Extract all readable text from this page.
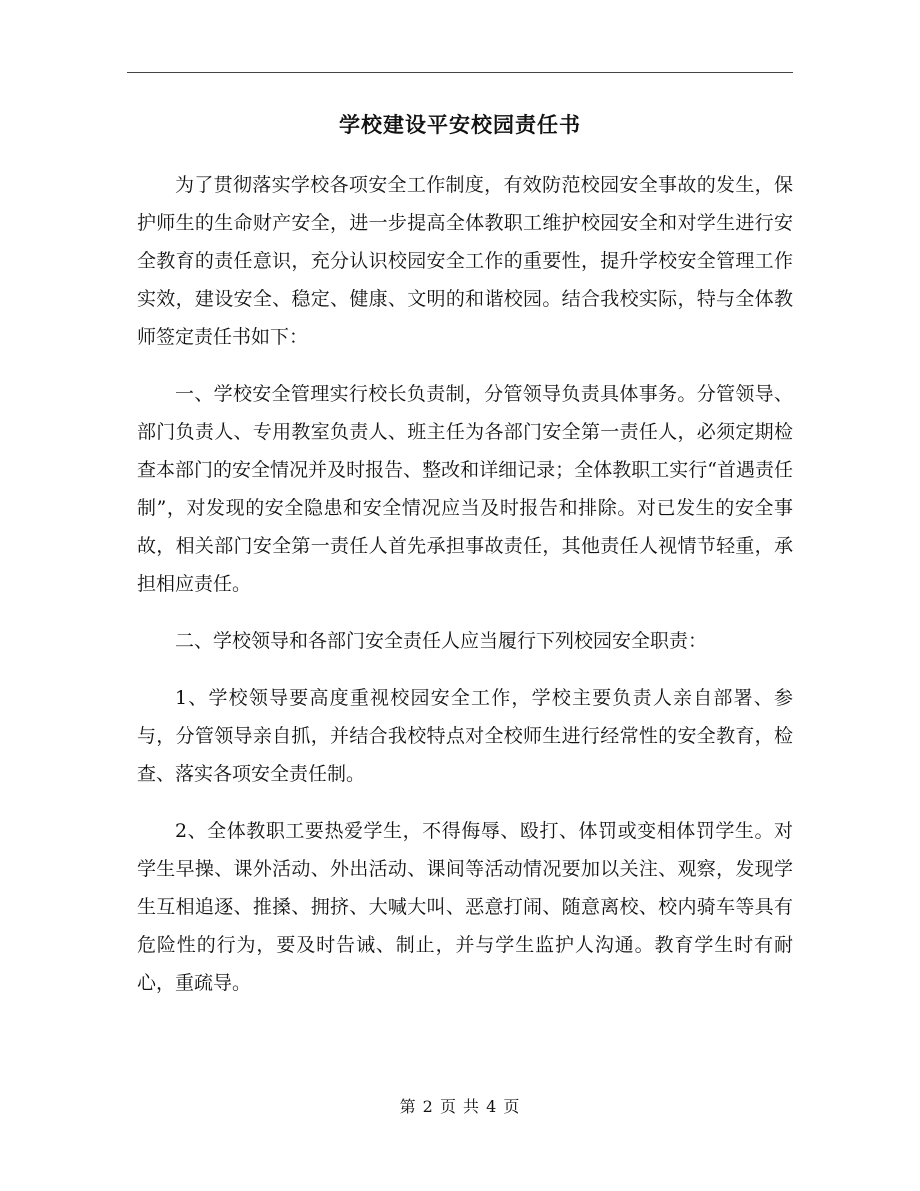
学校建设平安校园责任书

为了贯彻落实学校各项安全工作制度，有效防范校园安全事故的发生，保护师生的生命财产安全，进一步提高全体教职工维护校园安全和对学生进行安全教育的责任意识，充分认识校园安全工作的重要性，提升学校安全管理工作实效，建设安全、稳定、健康、文明的和谐校园。结合我校实际，特与全体教师签定责任书如下：

一、学校安全管理实行校长负责制，分管领导负责具体事务。分管领导、部门负责人、专用教室负责人、班主任为各部门安全第一责任人，必须定期检查本部门的安全情况并及时报告、整改和详细记录；全体教职工实行“首遇责任制”，对发现的安全隐患和安全情况应当及时报告和排除。对已发生的安全事故，相关部门安全第一责任人首先承担事故责任，其他责任人视情节轻重，承担相应责任。

二、学校领导和各部门安全责任人应当履行下列校园安全职责：

1、学校领导要高度重视校园安全工作，学校主要负责人亲自部署、参与，分管领导亲自抓，并结合我校特点对全校师生进行经常性的安全教育，检查、落实各项安全责任制。

2、全体教职工要热爱学生，不得侮辱、殴打、体罚或变相体罚学生。对学生早操、课外活动、外出活动、课间等活动情况要加以关注、观察，发现学生互相追逐、推搡、拥挤、大喊大叫、恶意打闹、随意离校、校内骑车等具有危险性的行为，要及时告诫、制止，并与学生监护人沟通。教育学生时有耐心，重疏导。

第 2 页 共 4 页
